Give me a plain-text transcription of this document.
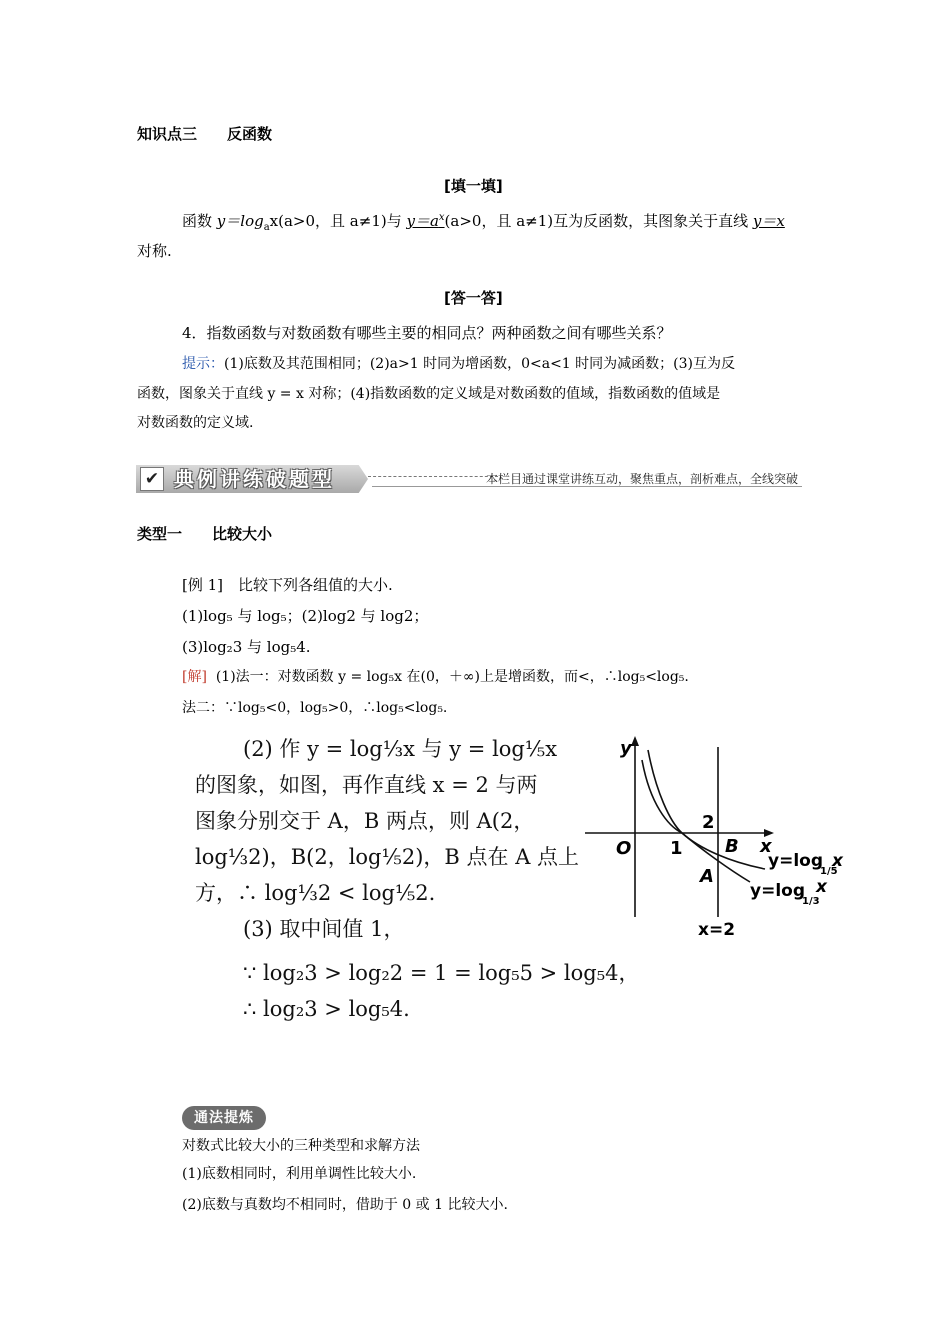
知识点三　　反函数
[填一填]
函数 $y=\log_ax(a>0$，且 a≠1)与 $y=a^x(a>0$，且 a≠1)互为反函数，其图象关于直线 y＝x
对称.
[答一答]
4．指数函数与对数函数有哪些主要的相同点？两种函数之间有哪些关系？
提示：(1)底数及其范围相同；(2)a>1 时同为增函数，0<a<1 时同为减函数；(3)互为反
函数，图象关于直线 y = x 对称；(4)指数函数的定义域是对数函数的值域，指数函数的值域是
对数函数的定义域.
✔ 典例讲练破题型	本栏目通过课堂讲练互动，聚焦重点，剖析难点，全线突破
类型一　　比较大小
[例 1]　比较下列各组值的大小.
(1)log₅ 与 log₅；(2)log2 与 log2；
(3)log₂3 与 log₅4.
[解] (1)法一：对数函数 y = log₅x 在(0，＋∞)上是增函数，而<，∴log₅<log₅.
法二：∵log₅<0，log₅>0，∴log₅<log₅.
(2) 作 y = log⅓x 与 y = log⅕x
的图象，如图，再作直线 x = 2 与两
图象分别交于 A，B 两点，则 A(2，
log⅓2)，B(2，log⅕2)，B 点在 A 点上
方，∴ log⅓2 < log⅕2.
(3) 取中间值 1，
∵ log₂3 > log₂2 = 1 = log₅5 > log₅4，
∴ log₂3 > log₅4.
y
x
O 1
2
B
A
y=log
1/5
x
y=log
1/3
x
x=2
通法提炼
对数式比较大小的三种类型和求解方法
(1)底数相同时，利用单调性比较大小.
(2)底数与真数均不相同时，借助于 0 或 1 比较大小.
